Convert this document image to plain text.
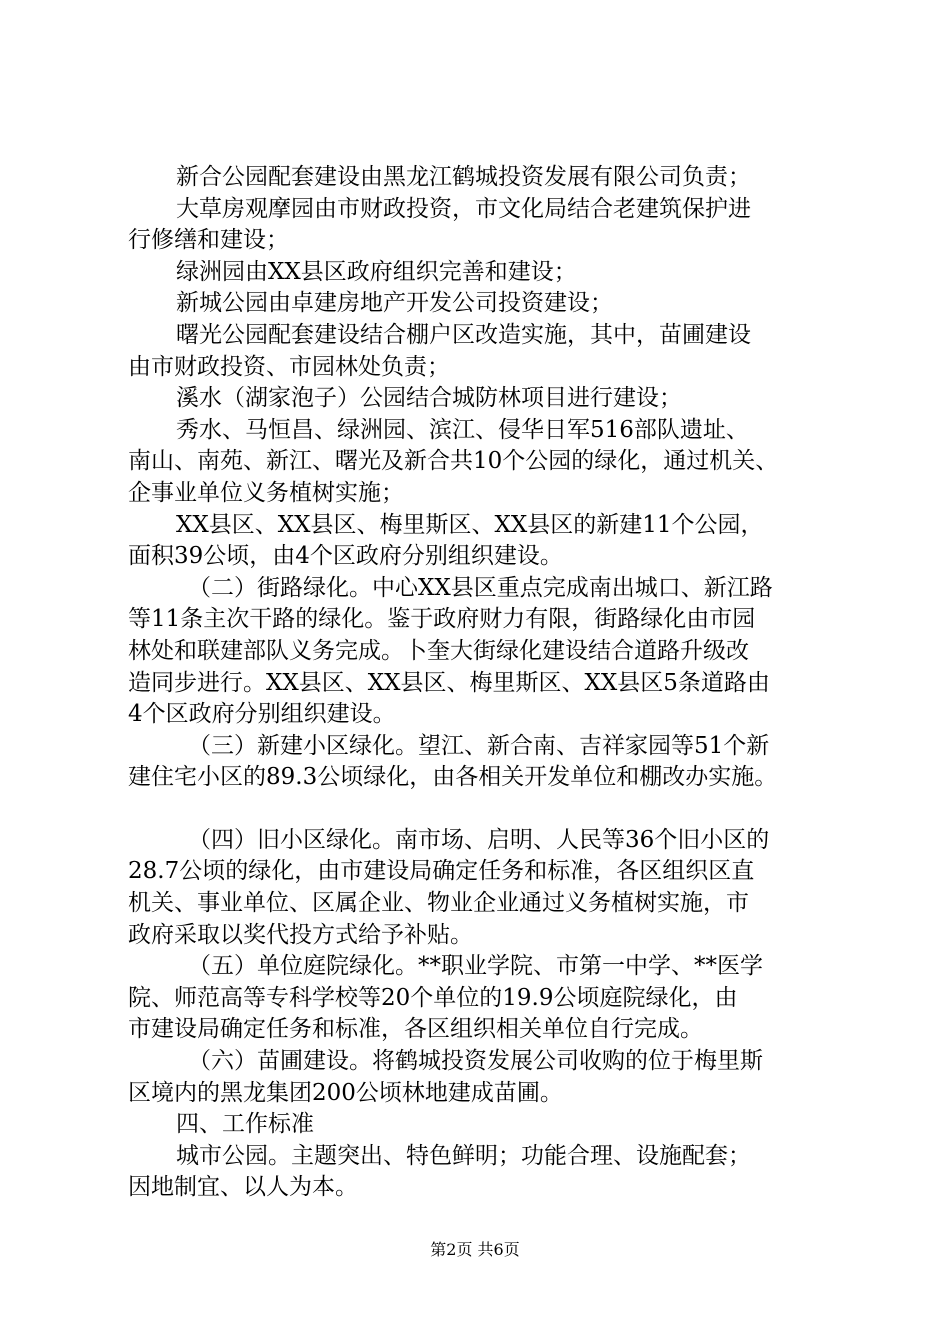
新合公园配套建设由黑龙江鹤城投资发展有限公司负责；
大草房观摩园由市财政投资，市文化局结合老建筑保护进
行修缮和建设；
绿洲园由XX县区政府组织完善和建设；
新城公园由卓建房地产开发公司投资建设；
曙光公园配套建设结合棚户区改造实施，其中，苗圃建设
由市财政投资、市园林处负责；
溪水（湖家泡子）公园结合城防林项目进行建设；
秀水、马恒昌、绿洲园、滨江、侵华日军516部队遗址、
南山、南苑、新江、曙光及新合共10个公园的绿化，通过机关、
企事业单位义务植树实施；
XX县区、XX县区、梅里斯区、XX县区的新建11个公园，
面积39公顷，由4个区政府分别组织建设。
（二）街路绿化。中心XX县区重点完成南出城口、新江路
等11条主次干路的绿化。鉴于政府财力有限，街路绿化由市园
林处和联建部队义务完成。卜奎大街绿化建设结合道路升级改
造同步进行。XX县区、XX县区、梅里斯区、XX县区5条道路由
4个区政府分别组织建设。
（三）新建小区绿化。望江、新合南、吉祥家园等51个新
建住宅小区的89.3公顷绿化，由各相关开发单位和棚改办实施。
（四）旧小区绿化。南市场、启明、人民等36个旧小区的
28.7公顷的绿化，由市建设局确定任务和标准，各区组织区直
机关、事业单位、区属企业、物业企业通过义务植树实施，市
政府采取以奖代投方式给予补贴。
（五）单位庭院绿化。**职业学院、市第一中学、**医学
院、师范高等专科学校等20个单位的19.9公顷庭院绿化，由
市建设局确定任务和标准，各区组织相关单位自行完成。
（六）苗圃建设。将鹤城投资发展公司收购的位于梅里斯
区境内的黑龙集团200公顷林地建成苗圃。
四、工作标准
城市公园。主题突出、特色鲜明；功能合理、设施配套；
因地制宜、以人为本。
第2页 共6页
